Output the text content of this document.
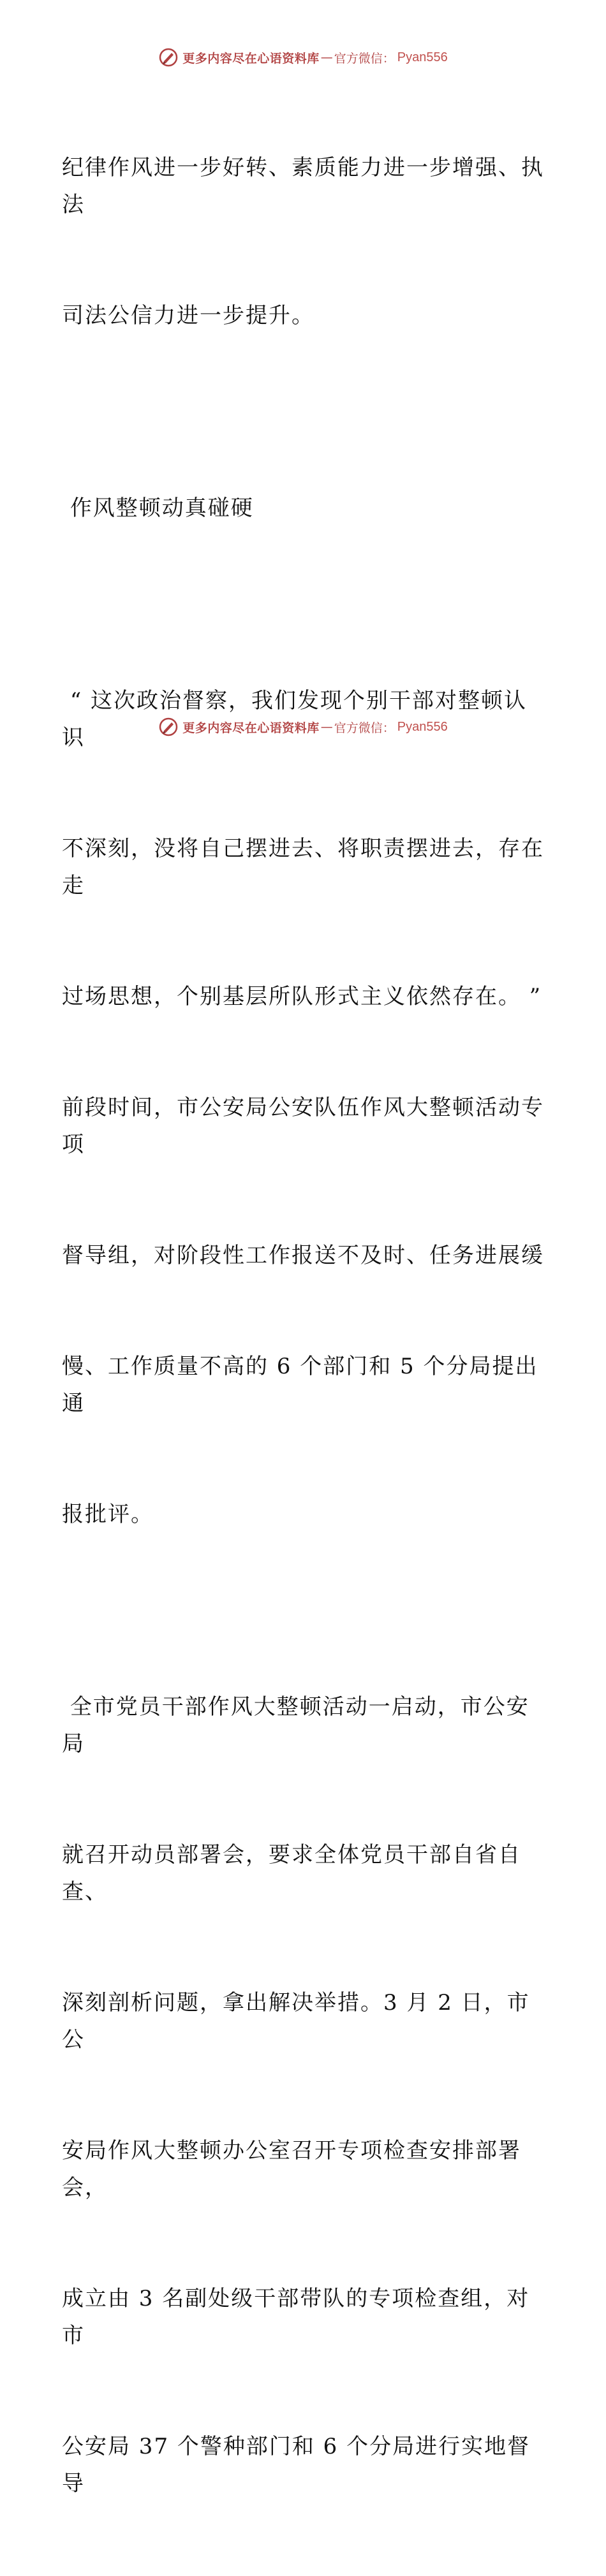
更多内容尽在心语资料库 — 官方微信： Pyan556

纪律作风进一步好转、素质能力进一步增强、执法

司法公信力进一步提升。

作风整顿动真碰硬

“ 这次政治督察，我们发现个别干部对整顿认识

不深刻，没将自己摆进去、将职责摆进去，存在走

过场思想，个别基层所队形式主义依然存在。 ”

前段时间，市公安局公安队伍作风大整顿活动专项

督导组，对阶段性工作报送不及时、任务进展缓

慢、工作质量不高的 6 个部门和 5 个分局提出通

报批评。

全市党员干部作风大整顿活动一启动，市公安局

就召开动员部署会，要求全体党员干部自省自查、

深刻剖析问题，拿出解决举措。3 月 2 日，市公

安局作风大整顿办公室召开专项检查安排部署会，

成立由 3 名副处级干部带队的专项检查组，对市

公安局 37 个警种部门和 6 个分局进行实地督导

更多内容尽在心语资料库 — 官方微信： Pyan556
